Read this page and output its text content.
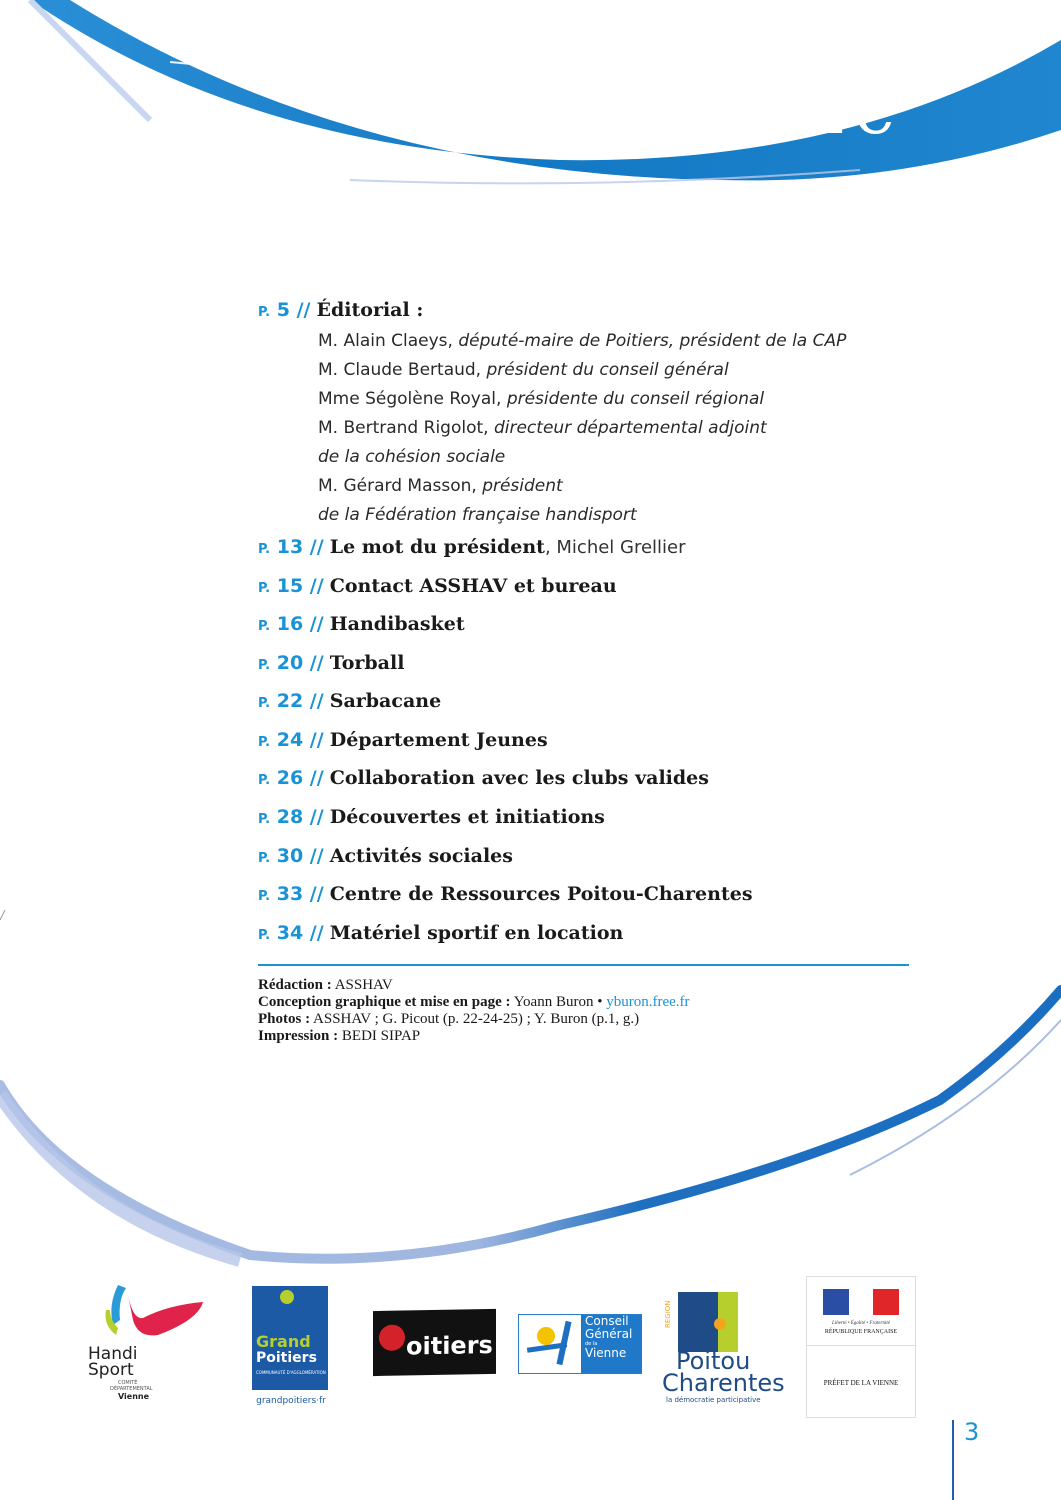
Sommaire
P. 5 // Éditorial :
M. Alain Claeys, député-maire de Poitiers, président de la CAP
M. Claude Bertaud, président du conseil général
Mme Ségolène Royal, présidente du conseil régional
M. Bertrand Rigolot, directeur départemental adjoint
de la cohésion sociale
M. Gérard Masson, président
de la Fédération française handisport
P. 13 // Le mot du président, Michel Grellier
P. 15 // Contact ASSHAV et bureau
P. 16 // Handibasket
P. 20 // Torball
P. 22 // Sarbacane
P. 24 // Département Jeunes
P. 26 // Collaboration avec les clubs valides
P. 28 // Découvertes et initiations
P. 30 // Activités sociales
P. 33 // Centre de Ressources Poitou-Charentes
P. 34 // Matériel sportif en location
Rédaction : ASSHAV
Conception graphique et mise en page : Yoann Buron • yburon.free.fr
Photos : ASSHAV ; G. Picout (p. 22-24-25) ; Y. Buron (p.1, g.)
Impression : BEDI SIPAP
Handi
Sport
COMITÉ
DÉPARTEMENTAL
Vienne
Grand
Poitiers
COMMUNAUTÉ D'AGGLOMÉRATION
grandpoitiers·fr
oitiers
Conseil
Général
de la
Vienne
REGION
Poitou
Charentes
la démocratie participative
Liberté • Égalité • Fraternité
RÉPUBLIQUE FRANÇAISE
PRÉFET DE LA VIENNE
3
